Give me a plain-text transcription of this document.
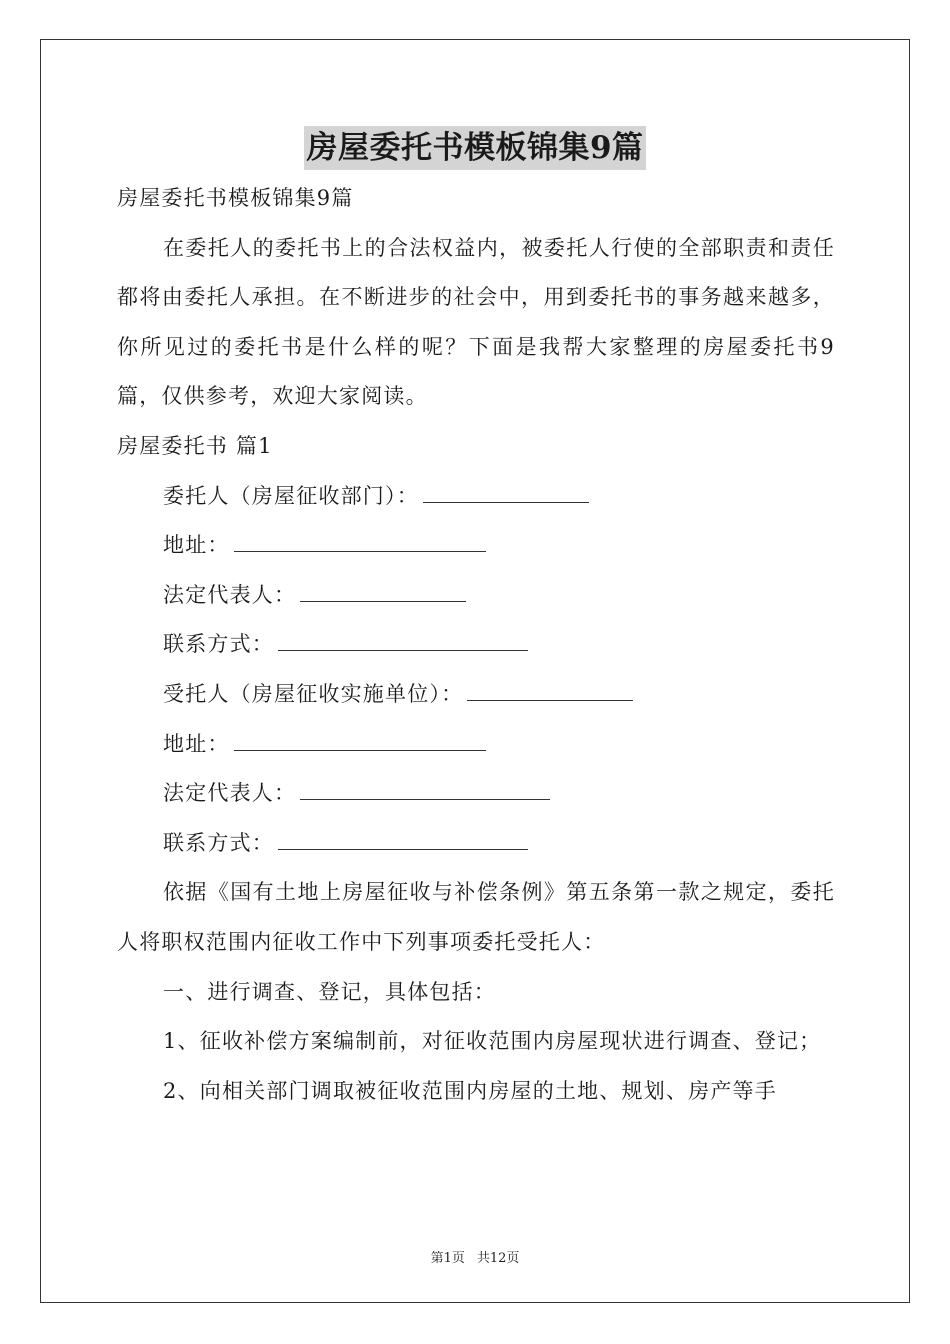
房屋委托书模板锦集9篇
房屋委托书模板锦集9篇
在委托人的委托书上的合法权益内，被委托人行使的全部职责和责任都将由委托人承担。在不断进步的社会中，用到委托书的事务越来越多，你所见过的委托书是什么样的呢？下面是我帮大家整理的房屋委托书9篇，仅供参考，欢迎大家阅读。
房屋委托书 篇1
委托人（房屋征收部门）：
地址：
法定代表人：
联系方式：
受托人（房屋征收实施单位）：
地址：
法定代表人：
联系方式：
依据《国有土地上房屋征收与补偿条例》第五条第一款之规定，委托人将职权范围内征收工作中下列事项委托受托人：
一、进行调查、登记，具体包括：
1、征收补偿方案编制前，对征收范围内房屋现状进行调查、登记；
2、向相关部门调取被征收范围内房屋的土地、规划、房产等手
第1页 共12页
